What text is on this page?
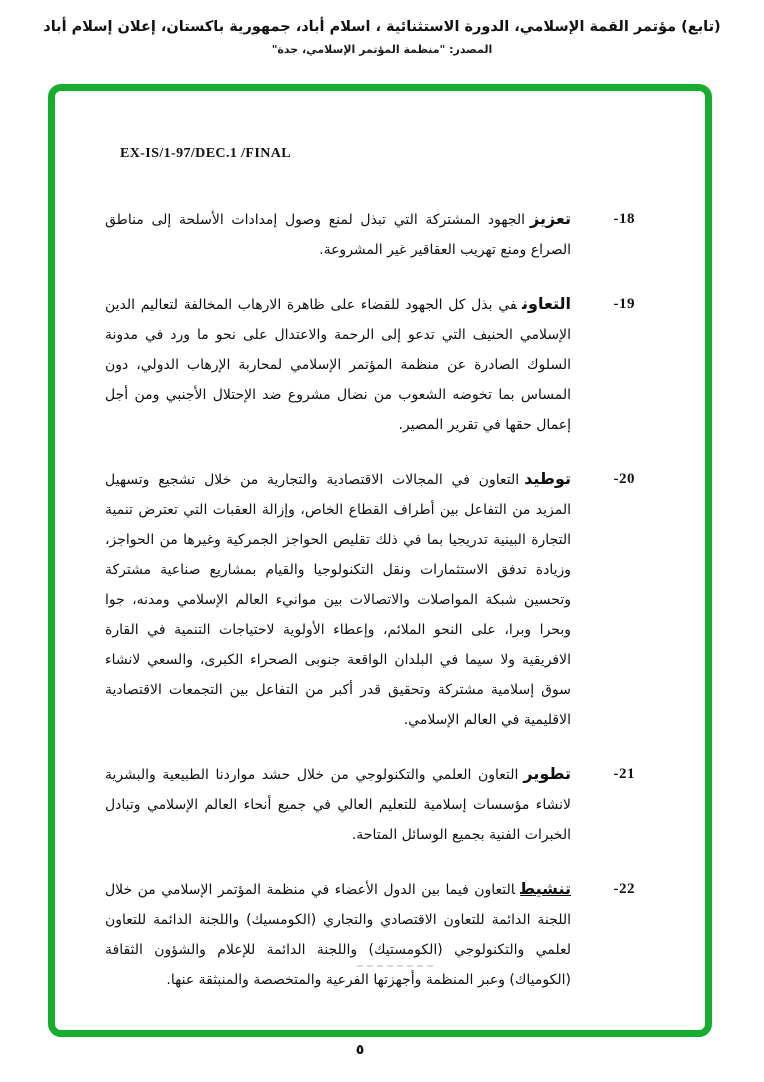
(تابع) مؤتمر القمة الإسلامي، الدورة الاستثنائية ، اسلام أباد، جمهورية باكستان، إعلان إسلام أباد
المصدر: "منظمة المؤتمر الإسلامي، جدة"
EX-IS/1-97/DEC.1 /FINAL
-18
تعزيزالجهود المشتركة التي تبذل لمنع وصول إمدادات الأسلحة إلى مناطق الصراع ومنع تهريب العقاقير غير المشروعة.
-19
التعاونفي بذل كل الجهود للقضاء على ظاهرة الارهاب المخالفة لتعاليم الدين الإسلامي الحنيف التي تدعو إلى الرحمة والاعتدال على نحو ما ورد في مدونة السلوك الصادرة عن منظمة المؤتمر الإسلامي لمحاربة الإرهاب الدولي، دون المساس بما تخوضه الشعوب من نضال مشروع ضد الإحتلال الأجنبي ومن أجل إعمال حقها في تقرير المصير.
-20
توطيدالتعاون في المجالات الاقتصادية والتجارية من خلال تشجيع وتسهيل المزيد من التفاعل بين أطراف القطاع الخاص، وإزالة العقبات التي تعترض تنمية التجارة البينية تدريجيا بما في ذلك تقليص الحواجز الجمركية وغيرها من الحواجز، وزيادة تدفق الاستثمارات ونقل التكنولوجيا والقيام بمشاريع صناعية مشتركة وتحسين شبكة المواصلات والاتصالات بين موانيء العالم الإسلامي ومدنه، جوا وبحرا وبرا، على النحو الملائم، وإعطاء الأولوية لاحتياجات التنمية في القارة الافريقية ولا سيما في البلدان الواقعة جنوبى الصحراء الكبرى، والسعي لانشاء سوق إسلامية مشتركة وتحقيق قدر أكبر من التفاعل بين التجمعات الاقتصادية الاقليمية في العالم الإسلامي.
-21
تطويرالتعاون العلمي والتكنولوجي من خلال حشد مواردنا الطبيعية والبشرية لانشاء مؤسسات إسلامية للتعليم العالي في جميع أنحاء العالم الإسلامي وتبادل الخبرات الفنية بجميع الوسائل المتاحة.
-22
تنشيطالتعاون فيما بين الدول الأعضاء في منظمة المؤتمر الإسلامي من خلال اللجنة الدائمة للتعاون الاقتصادي والتجاري (الكومسيك) واللجنة الدائمة للتعاون لعلمي والتكنولوجي (الكومستيك) واللجنة الدائمة للإعلام والشؤون الثقافة (الكومياك) وعبر المنظمة وأجهزتها الفرعية والمتخصصة والمنبثقة عنها.
٥
